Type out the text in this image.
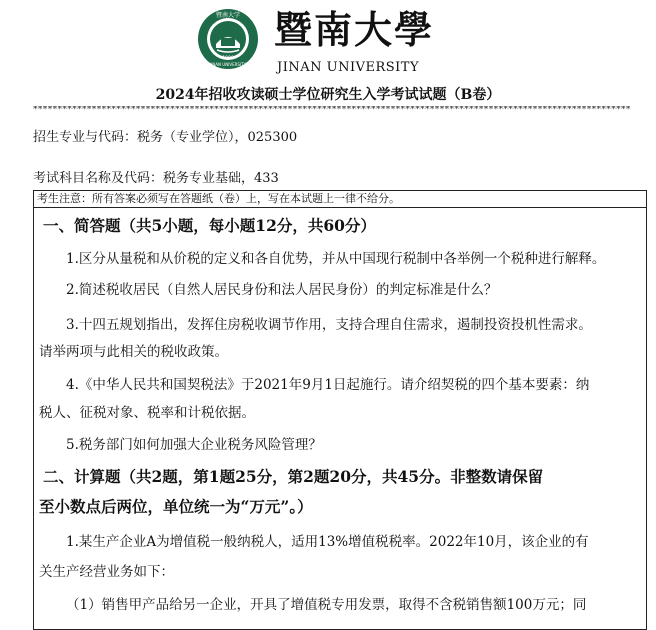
暨南大学
1906
JINAN UNIVERSITY
暨南大學
JINAN UNIVERSITY
2024年招收攻读硕士学位研究生入学考试试题（B卷）
**************************************************************************************************************************
招生专业与代码：税务（专业学位），025300
考试科目名称及代码：税务专业基础，433
考生注意：所有答案必须写在答题纸（卷）上，写在本试题上一律不给分。
一、简答题（共5小题，每小题12分，共60分）
1.区分从量税和从价税的定义和各自优势，并从中国现行税制中各举例一个税种进行解释。
2.简述税收居民（自然人居民身份和法人居民身份）的判定标准是什么？
3.十四五规划指出，发挥住房税收调节作用，支持合理自住需求，遏制投资投机性需求。
请举两项与此相关的税收政策。
4.《中华人民共和国契税法》于2021年9月1日起施行。请介绍契税的四个基本要素：纳
税人、征税对象、税率和计税依据。
5.税务部门如何加强大企业税务风险管理？
二、计算题（共2题，第1题25分，第2题20分，共45分。非整数请保留
至小数点后两位，单位统一为“万元”。）
1.某生产企业A为增值税一般纳税人，适用13%增值税税率。2022年10月，该企业的有
关生产经营业务如下：
（1）销售甲产品给另一企业，开具了增值税专用发票，取得不含税销售额100万元；同
